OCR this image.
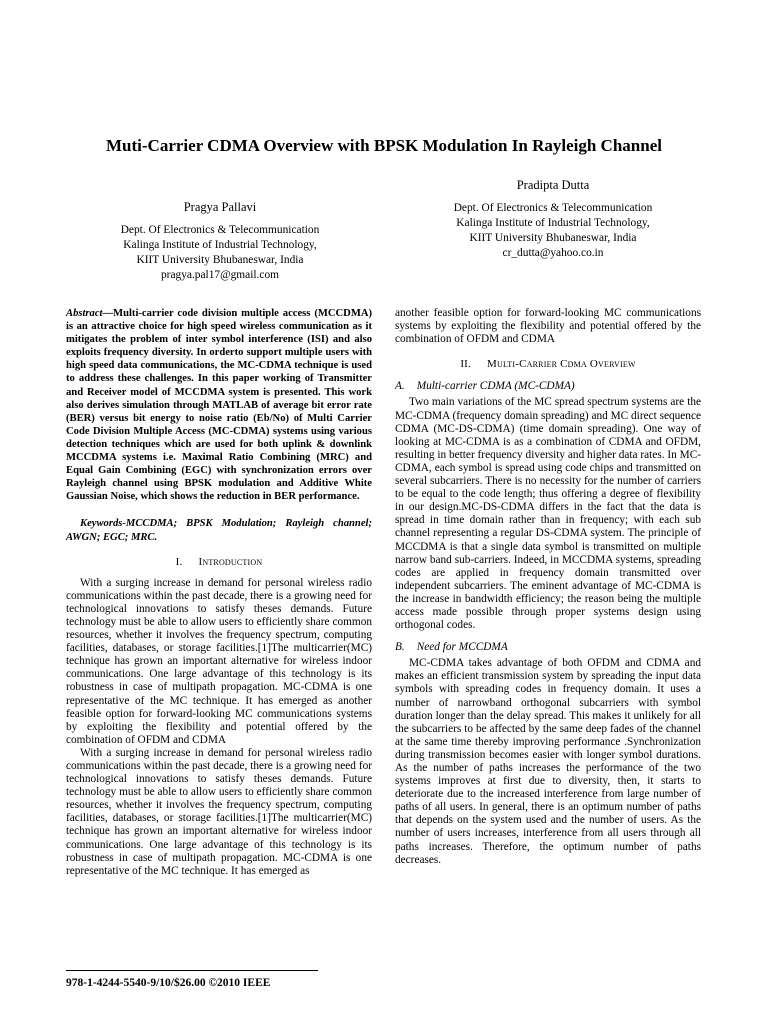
Muti-Carrier CDMA Overview with BPSK Modulation In Rayleigh Channel
Pragya Pallavi
Dept. Of Electronics & Telecommunication
Kalinga Institute of Industrial Technology,
KIIT University Bhubaneswar, India
pragya.pal17@gmail.com
Pradipta Dutta
Dept. Of Electronics & Telecommunication
Kalinga Institute of Industrial Technology,
KIIT University Bhubaneswar, India
cr_dutta@yahoo.co.in

Abstract—Multi-carrier code division multiple access (MCCDMA) is an attractive choice for high speed wireless communication as it mitigates the problem of inter symbol interference (ISI) and also exploits frequency diversity. In orderto support multiple users with high speed data communications, the MC-CDMA technique is used to address these challenges. In this paper working of Transmitter and Receiver model of MCCDMA system is presented. This work also derives simulation through MATLAB of average bit error rate (BER) versus bit energy to noise ratio (Eb/No) of Multi Carrier Code Division Multiple Access (MC-CDMA) systems using various detection techniques which are used for both uplink & downlink MCCDMA systems i.e. Maximal Ratio Combining (MRC) and Equal Gain Combining (EGC) with synchronization errors over Rayleigh channel using BPSK modulation and Additive White Gaussian Noise, which shows the reduction in BER performance.

Keywords-MCCDMA; BPSK Modulation; Rayleigh channel; AWGN; EGC; MRC.

I. Introduction

With a surging increase in demand for personal wireless radio communications within the past decade, there is a growing need for technological innovations to satisfy theses demands. Future technology must be able to allow users to efficiently share common resources, whether it involves the frequency spectrum, computing facilities, databases, or storage facilities.[1]The multicarrier(MC) technique has grown an important alternative for wireless indoor communications. One large advantage of this technology is its robustness in case of multipath propagation. MC-CDMA is one representative of the MC technique. It has emerged as another feasible option for forward-looking MC communications systems by exploiting the flexibility and potential offered by the combination of OFDM and CDMA

With a surging increase in demand for personal wireless radio communications within the past decade, there is a growing need for technological innovations to satisfy theses demands. Future technology must be able to allow users to efficiently share common resources, whether it involves the frequency spectrum, computing facilities, databases, or storage facilities.[1]The multicarrier(MC) technique has grown an important alternative for wireless indoor communications. One large advantage of this technology is its robustness in case of multipath propagation. MC-CDMA is one representative of the MC technique. It has emerged as

another feasible option for forward-looking MC communications systems by exploiting the flexibility and potential offered by the combination of OFDM and CDMA

II. Multi-Carrier Cdma Overview

A. Multi-carrier CDMA (MC-CDMA)

Two main variations of the MC spread spectrum systems are the MC-CDMA (frequency domain spreading) and MC direct sequence CDMA (MC-DS-CDMA) (time domain spreading). One way of looking at MC-CDMA is as a combination of CDMA and OFDM, resulting in better frequency diversity and higher data rates. In MC-CDMA, each symbol is spread using code chips and transmitted on several subcarriers. There is no necessity for the number of carriers to be equal to the code length; thus offering a degree of flexibility in our design.MC-DS-CDMA differs in the fact that the data is spread in time domain rather than in frequency; with each sub channel representing a regular DS-CDMA system. The principle of MCCDMA is that a single data symbol is transmitted on multiple narrow band sub-carriers. Indeed, in MCCDMA systems, spreading codes are applied in frequency domain transmitted over independent subcarriers. The eminent advantage of MC-CDMA is the increase in bandwidth efficiency; the reason being the multiple access made possible through proper systems design using orthogonal codes.

B. Need for MCCDMA

MC-CDMA takes advantage of both OFDM and CDMA and makes an efficient transmission system by spreading the input data symbols with spreading codes in frequency domain. It uses a number of narrowband orthogonal subcarriers with symbol duration longer than the delay spread. This makes it unlikely for all the subcarriers to be affected by the same deep fades of the channel at the same time thereby improving performance .Synchronization during transmission becomes easier with longer symbol durations. As the number of paths increases the performance of the two systems improves at first due to diversity, then, it starts to deteriorate due to the increased interference from large number of paths of all users. In general, there is an optimum number of paths that depends on the system used and the number of users. As the number of users increases, interference from all users through all paths increases. Therefore, the optimum number of paths decreases.

978-1-4244-5540-9/10/$26.00 ©2010 IEEE
